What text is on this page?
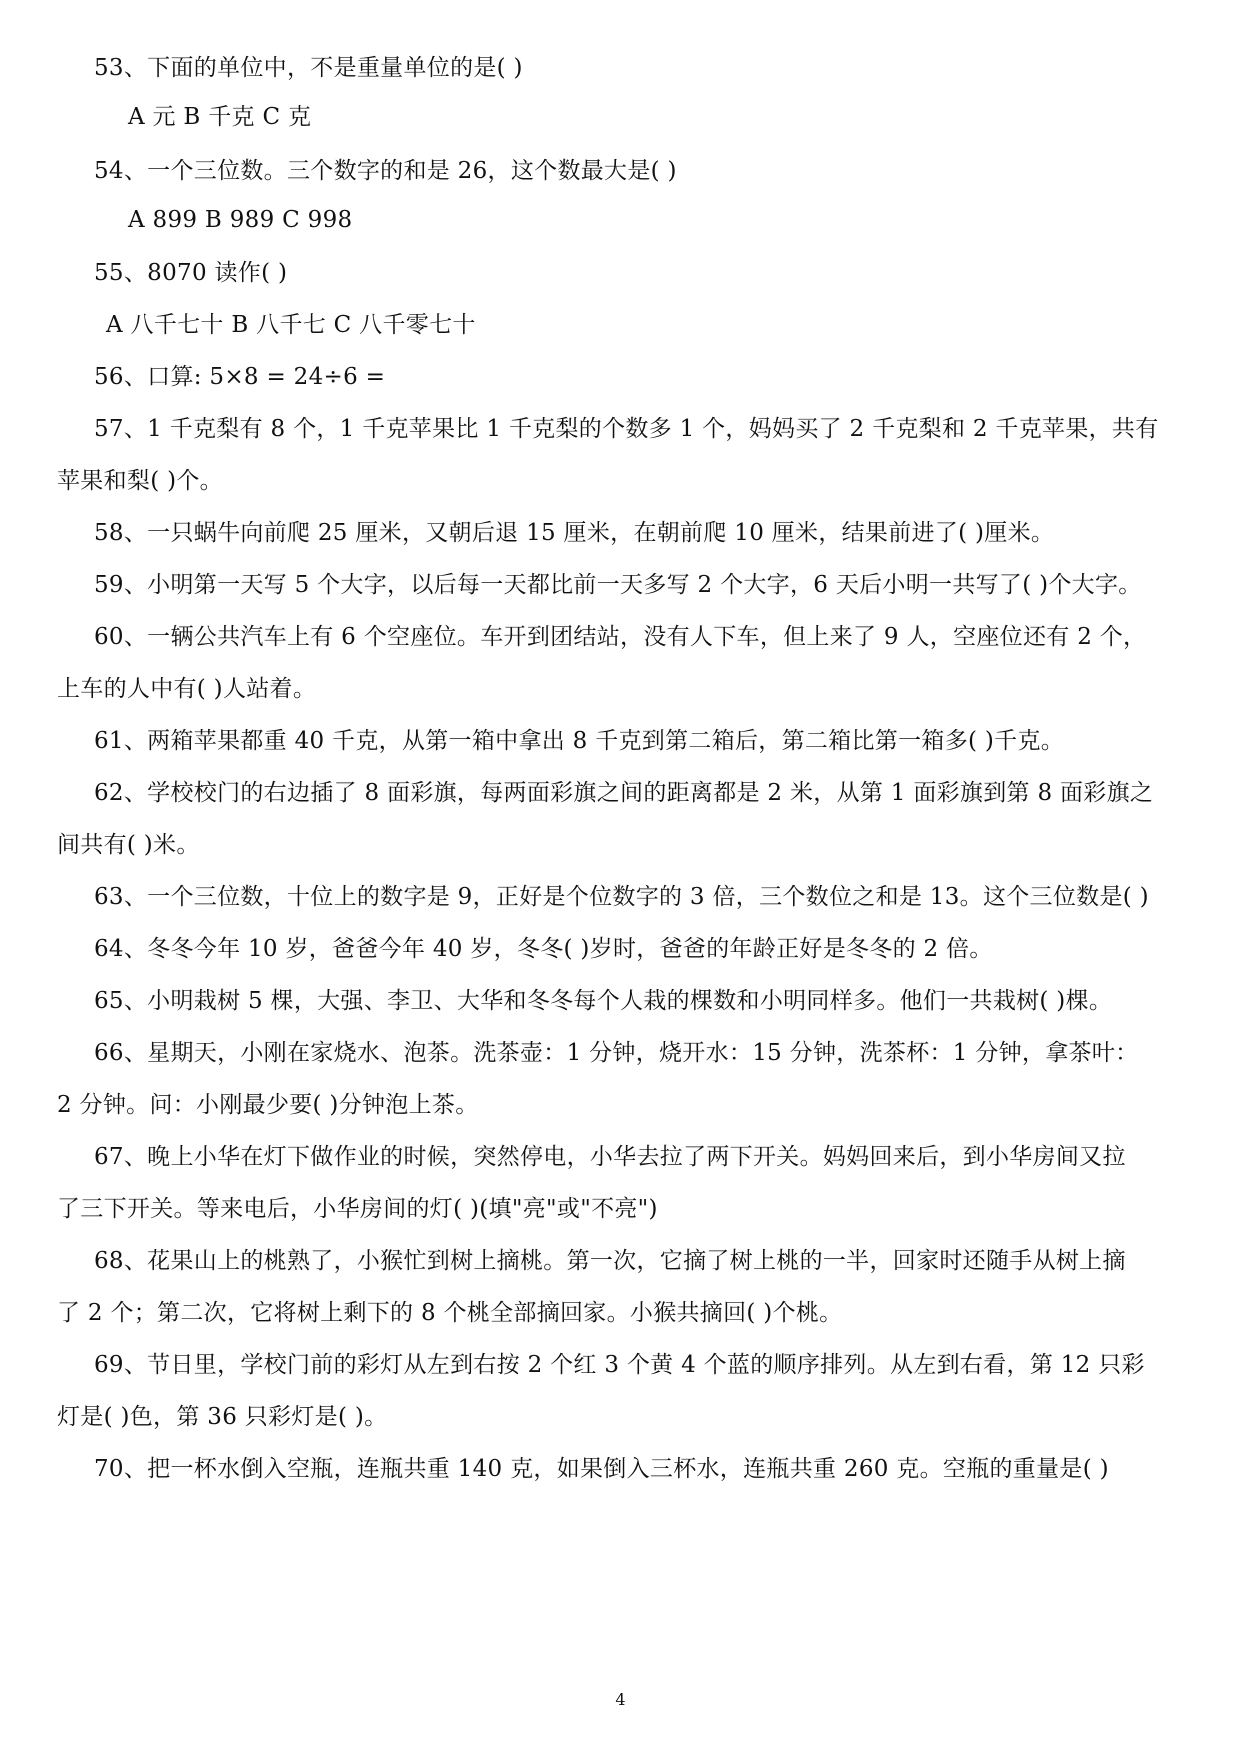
53、下面的单位中，不是重量单位的是( )
A 元 B 千克 C 克
54、一个三位数。三个数字的和是 26，这个数最大是( )
A 899 B 989 C 998
55、8070 读作( )
A 八千七十 B 八千七 C 八千零七十
56、口算: 5×8 = 24÷6 =
57、1 千克梨有 8 个，1 千克苹果比 1 千克梨的个数多 1 个，妈妈买了 2 千克梨和 2 千克苹果，共有
苹果和梨( )个。
58、一只蜗牛向前爬 25 厘米，又朝后退 15 厘米，在朝前爬 10 厘米，结果前进了( )厘米。
59、小明第一天写 5 个大字，以后每一天都比前一天多写 2 个大字，6 天后小明一共写了( )个大字。
60、一辆公共汽车上有 6 个空座位。车开到团结站，没有人下车，但上来了 9 人，空座位还有 2 个，
上车的人中有( )人站着。
61、两箱苹果都重 40 千克，从第一箱中拿出 8 千克到第二箱后，第二箱比第一箱多( )千克。
62、学校校门的右边插了 8 面彩旗，每两面彩旗之间的距离都是 2 米，从第 1 面彩旗到第 8 面彩旗之
间共有( )米。
63、一个三位数，十位上的数字是 9，正好是个位数字的 3 倍，三个数位之和是 13。这个三位数是( )
64、冬冬今年 10 岁，爸爸今年 40 岁，冬冬( )岁时，爸爸的年龄正好是冬冬的 2 倍。
65、小明栽树 5 棵，大强、李卫、大华和冬冬每个人栽的棵数和小明同样多。他们一共栽树( )棵。
66、星期天，小刚在家烧水、泡茶。洗茶壶：1 分钟，烧开水：15 分钟，洗茶杯：1 分钟，拿茶叶：
2 分钟。问：小刚最少要( )分钟泡上茶。
67、晚上小华在灯下做作业的时候，突然停电，小华去拉了两下开关。妈妈回来后，到小华房间又拉
了三下开关。等来电后，小华房间的灯( )(填"亮"或"不亮")
68、花果山上的桃熟了，小猴忙到树上摘桃。第一次，它摘了树上桃的一半，回家时还随手从树上摘
了 2 个；第二次，它将树上剩下的 8 个桃全部摘回家。小猴共摘回( )个桃。
69、节日里，学校门前的彩灯从左到右按 2 个红 3 个黄 4 个蓝的顺序排列。从左到右看，第 12 只彩
灯是( )色，第 36 只彩灯是( )。
70、把一杯水倒入空瓶，连瓶共重 140 克，如果倒入三杯水，连瓶共重 260 克。空瓶的重量是( )
4
